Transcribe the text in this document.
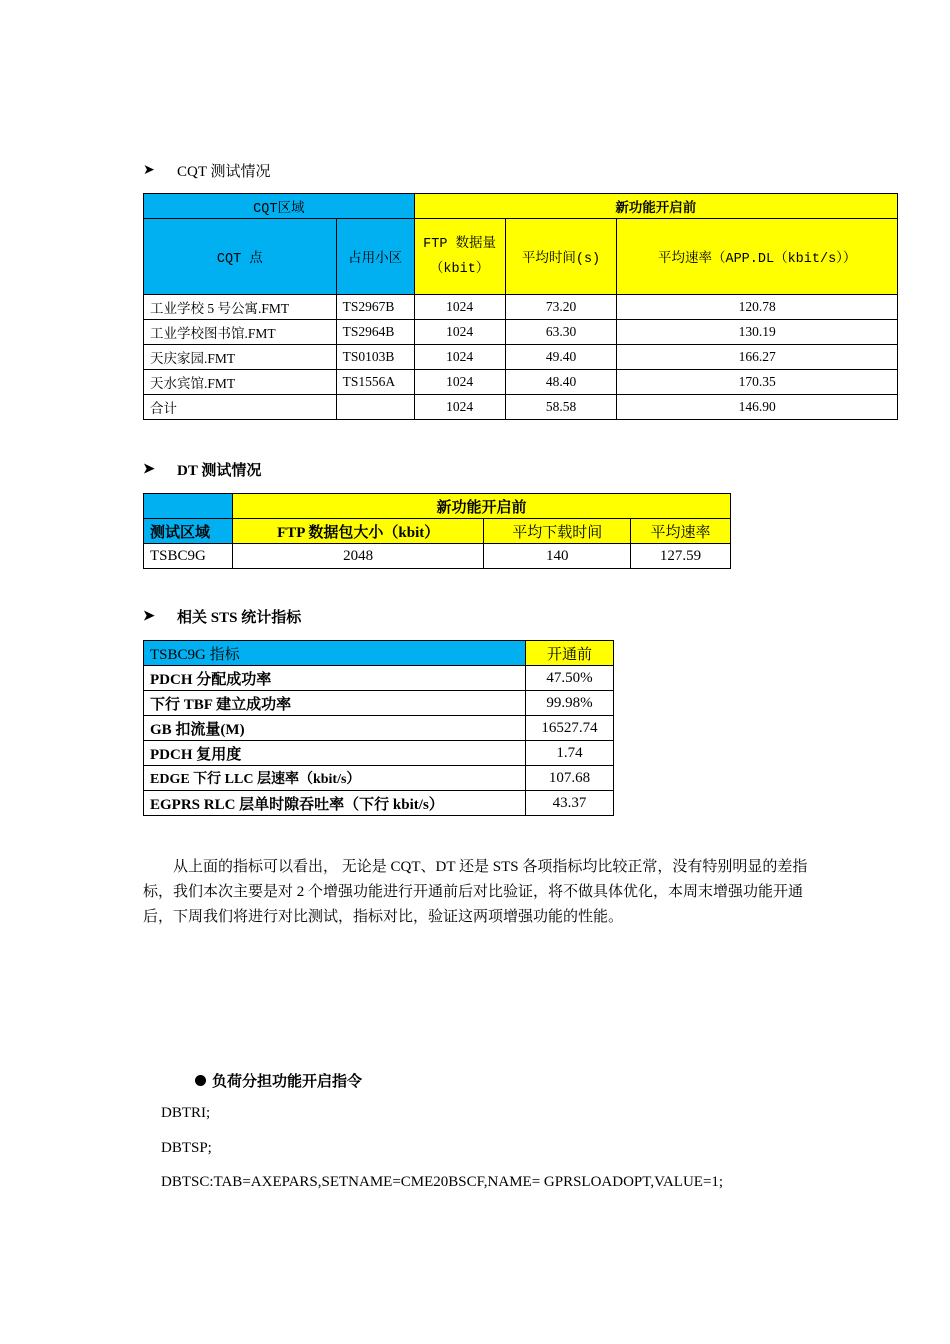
➤	CQT 测试情况
CQT区域		新功能开启前		
CQT 点	占用小区	FTP 数据量（kbit）	平均时间(s)	平均速率（APP.DL（kbit/s））
工业学校 5 号公寓.FMT	TS2967B	1024	73.20	120.78
工业学校图书馆.FMT	TS2964B	1024	63.30	130.19
天庆家园.FMT	TS0103B	1024	49.40	166.27
天水宾馆.FMT	TS1556A	1024	48.40	170.35
合计		1024	58.58	146.90
➤	DT 测试情况
	新功能开启前		
测试区域	FTP 数据包大小（kbit）	平均下载时间	平均速率
TSBC9G	2048	140	127.59
➤	相关 STS 统计指标
TSBC9G 指标	开通前
PDCH 分配成功率	47.50%
下行 TBF 建立成功率	99.98%
GB 扣流量(M)	16527.74
PDCH 复用度	1.74
EDGE 下行 LLC 层速率（kbit/s）	107.68
EGPRS RLC 层单时隙吞吐率（下行 kbit/s）	43.37

从上面的指标可以看出， 无论是 CQT、DT 还是 STS 各项指标均比较正常，没有特别明显的差指标，我们本次主要是对 2 个增强功能进行开通前后对比验证，将不做具体优化，本周末增强功能开通后，下周我们将进行对比测试，指标对比，验证这两项增强功能的性能。

负荷分担功能开启指令
DBTRI;
DBTSP;
DBTSC:TAB=AXEPARS,SETNAME=CME20BSCF,NAME= GPRSLOADOPT,VALUE=1;
